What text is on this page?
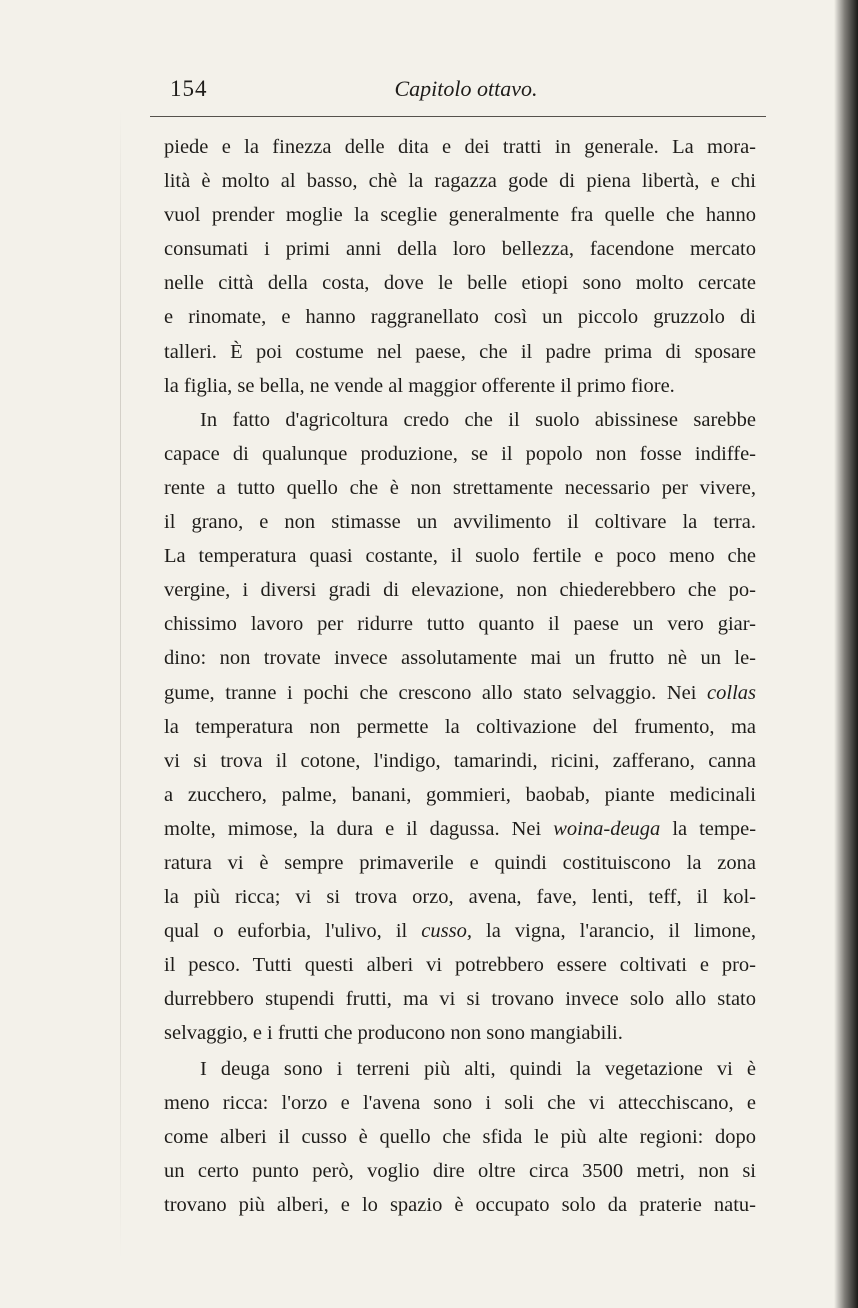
154	Capitolo ottavo.
piede e la finezza delle dita e dei tratti in generale. La mora-
lità è molto al basso, chè la ragazza gode di piena libertà, e chi
vuol prender moglie la sceglie generalmente fra quelle che hanno
consumati i primi anni della loro bellezza, facendone mercato
nelle città della costa, dove le belle etiopi sono molto cercate
e rinomate, e hanno raggranellato così un piccolo gruzzolo di
talleri. È poi costume nel paese, che il padre prima di sposare
la figlia, se bella, ne vende al maggior offerente il primo fiore.
In fatto d'agricoltura credo che il suolo abissinese sarebbe
capace di qualunque produzione, se il popolo non fosse indiffe-
rente a tutto quello che è non strettamente necessario per vivere,
il grano, e non stimasse un avvilimento il coltivare la terra.
La temperatura quasi costante, il suolo fertile e poco meno che
vergine, i diversi gradi di elevazione, non chiederebbero che po-
chissimo lavoro per ridurre tutto quanto il paese un vero giar-
dino: non trovate invece assolutamente mai un frutto nè un le-
gume, tranne i pochi che crescono allo stato selvaggio. Nei collas
la temperatura non permette la coltivazione del frumento, ma
vi si trova il cotone, l'indigo, tamarindi, ricini, zafferano, canna
a zucchero, palme, banani, gommieri, baobab, piante medicinali
molte, mimose, la dura e il dagussa. Nei woina-deuga la tempe-
ratura vi è sempre primaverile e quindi costituiscono la zona
la più ricca; vi si trova orzo, avena, fave, lenti, teff, il kol-
qual o euforbia, l'ulivo, il cusso, la vigna, l'arancio, il limone,
il pesco. Tutti questi alberi vi potrebbero essere coltivati e pro-
durrebbero stupendi frutti, ma vi si trovano invece solo allo stato
selvaggio, e i frutti che producono non sono mangiabili.
I deuga sono i terreni più alti, quindi la vegetazione vi è
meno ricca: l'orzo e l'avena sono i soli che vi attecchiscano, e
come alberi il cusso è quello che sfida le più alte regioni: dopo
un certo punto però, voglio dire oltre circa 3500 metri, non si
trovano più alberi, e lo spazio è occupato solo da praterie natu-
